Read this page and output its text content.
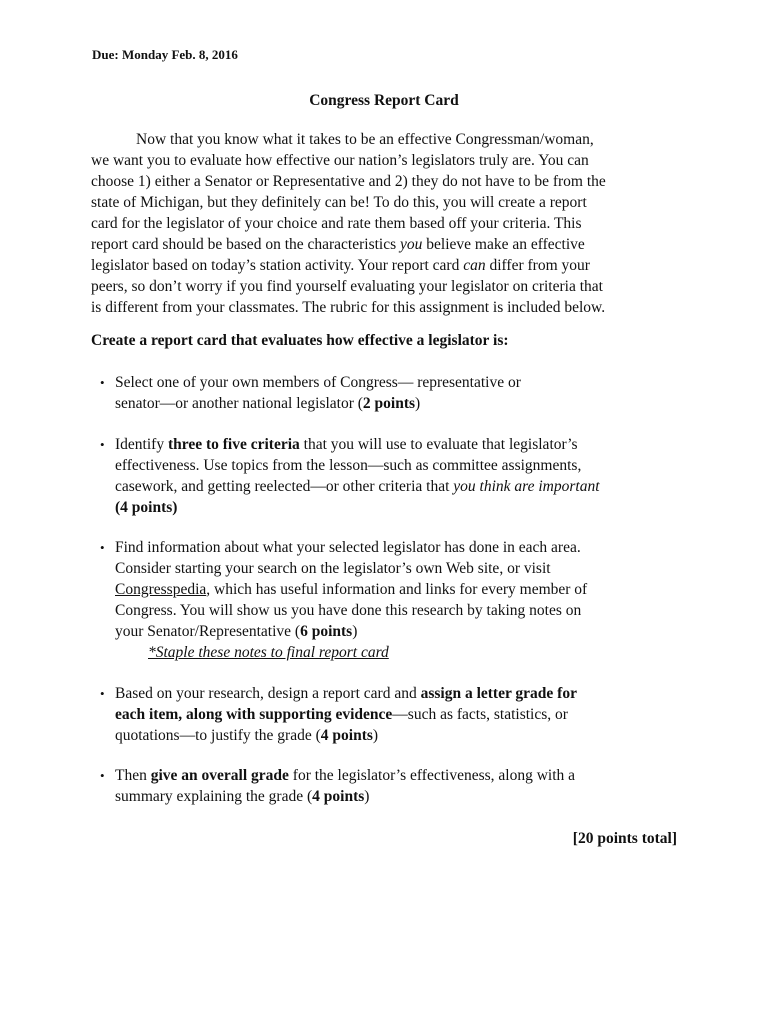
Due: Monday Feb. 8, 2016
Congress Report Card
Now that you know what it takes to be an effective Congressman/woman,
we want you to evaluate how effective our nation’s legislators truly are. You can
choose 1) either a Senator or Representative and 2) they do not have to be from the
state of Michigan, but they definitely can be! To do this, you will create a report
card for the legislator of your choice and rate them based off your criteria. This
report card should be based on the characteristics you believe make an effective
legislator based on today’s station activity. Your report card can differ from your
peers, so don’t worry if you find yourself evaluating your legislator on criteria that
is different from your classmates. The rubric for this assignment is included below.
Create a report card that evaluates how effective a legislator is:
• Select one of your own members of Congress— representative or
senator—or another national legislator (2 points)
• Identify three to five criteria that you will use to evaluate that legislator’s
effectiveness. Use topics from the lesson—such as committee assignments,
casework, and getting reelected—or other criteria that you think are important
(4 points)
• Find information about what your selected legislator has done in each area.
Consider starting your search on the legislator’s own Web site, or visit
Congresspedia, which has useful information and links for every member of
Congress. You will show us you have done this research by taking notes on
your Senator/Representative (6 points)
*Staple these notes to final report card
• Based on your research, design a report card and assign a letter grade for
each item, along with supporting evidence—such as facts, statistics, or
quotations—to justify the grade (4 points)
• Then give an overall grade for the legislator’s effectiveness, along with a
summary explaining the grade (4 points)
[20 points total]
